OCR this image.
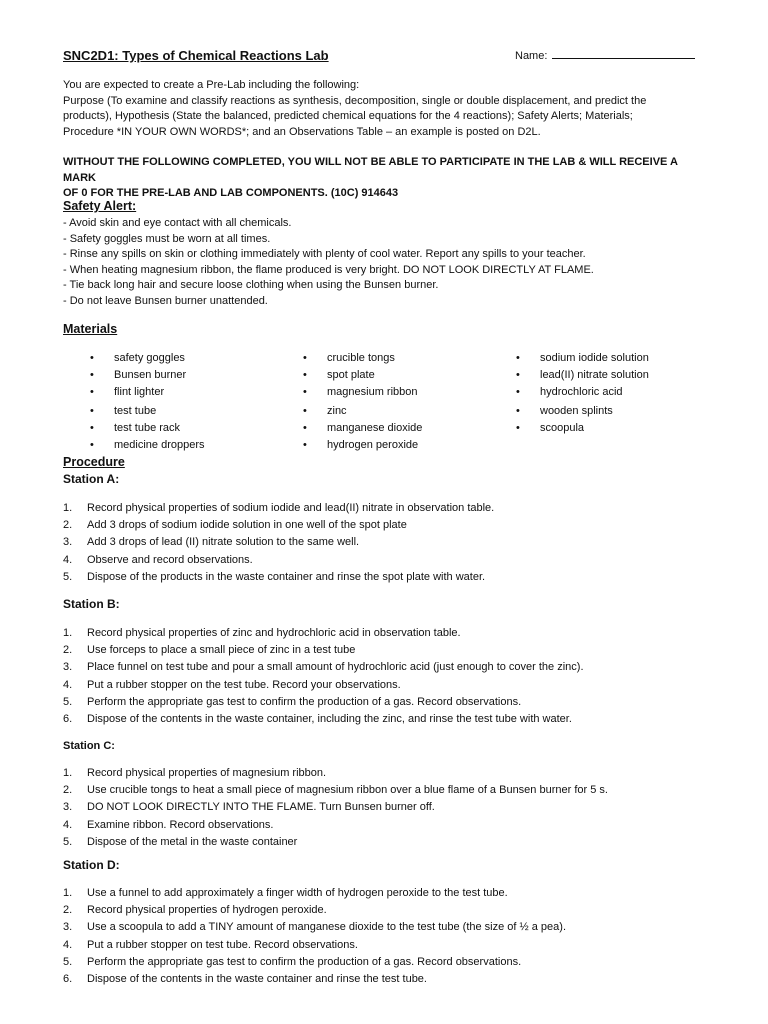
SNC2D1: Types of Chemical Reactions Lab	Name:
You are expected to create a Pre-Lab including the following:
Purpose (To examine and classify reactions as synthesis, decomposition, single or double displacement, and predict the
products), Hypothesis (State the balanced, predicted chemical equations for the 4 reactions); Safety Alerts; Materials;
Procedure *IN YOUR OWN WORDS*; and an Observations Table – an example is posted on D2L.
WITHOUT THE FOLLOWING COMPLETED, YOU WILL NOT BE ABLE TO PARTICIPATE IN THE LAB & WILL RECEIVE A MARK
OF 0 FOR THE PRE-LAB AND LAB COMPONENTS. (10C) 914643
Safety Alert:
- Avoid skin and eye contact with all chemicals.
- Safety goggles must be worn at all times.
- Rinse any spills on skin or clothing immediately with plenty of cool water. Report any spills to your teacher.
- When heating magnesium ribbon, the flame produced is very bright. DO NOT LOOK DIRECTLY AT FLAME.
- Tie back long hair and secure loose clothing when using the Bunsen burner.
- Do not leave Bunsen burner unattended.
Materials
• safety goggles
• Bunsen burner
• flint lighter
• test tube
• test tube rack
• medicine droppers
• crucible tongs
• spot plate
• magnesium ribbon
• zinc
• manganese dioxide
• hydrogen peroxide
• sodium iodide solution
• lead(II) nitrate solution
• hydrochloric acid
• wooden splints
• scoopula
Procedure
Station A:
1. Record physical properties of sodium iodide and lead(II) nitrate in observation table.
2. Add 3 drops of sodium iodide solution in one well of the spot plate
3. Add 3 drops of lead (II) nitrate solution to the same well.
4. Observe and record observations.
5. Dispose of the products in the waste container and rinse the spot plate with water.
Station B:
1. Record physical properties of zinc and hydrochloric acid in observation table.
2. Use forceps to place a small piece of zinc in a test tube
3. Place funnel on test tube and pour a small amount of hydrochloric acid (just enough to cover the zinc).
4. Put a rubber stopper on the test tube. Record your observations.
5. Perform the appropriate gas test to confirm the production of a gas. Record observations.
6. Dispose of the contents in the waste container, including the zinc, and rinse the test tube with water.
Station C:
1. Record physical properties of magnesium ribbon.
2. Use crucible tongs to heat a small piece of magnesium ribbon over a blue flame of a Bunsen burner for 5 s.
3. DO NOT LOOK DIRECTLY INTO THE FLAME. Turn Bunsen burner off.
4. Examine ribbon. Record observations.
5. Dispose of the metal in the waste container
Station D:
1. Use a funnel to add approximately a finger width of hydrogen peroxide to the test tube.
2. Record physical properties of hydrogen peroxide.
3. Use a scoopula to add a TINY amount of manganese dioxide to the test tube (the size of ½ a pea).
4. Put a rubber stopper on test tube. Record observations.
5. Perform the appropriate gas test to confirm the production of a gas. Record observations.
6. Dispose of the contents in the waste container and rinse the test tube.
